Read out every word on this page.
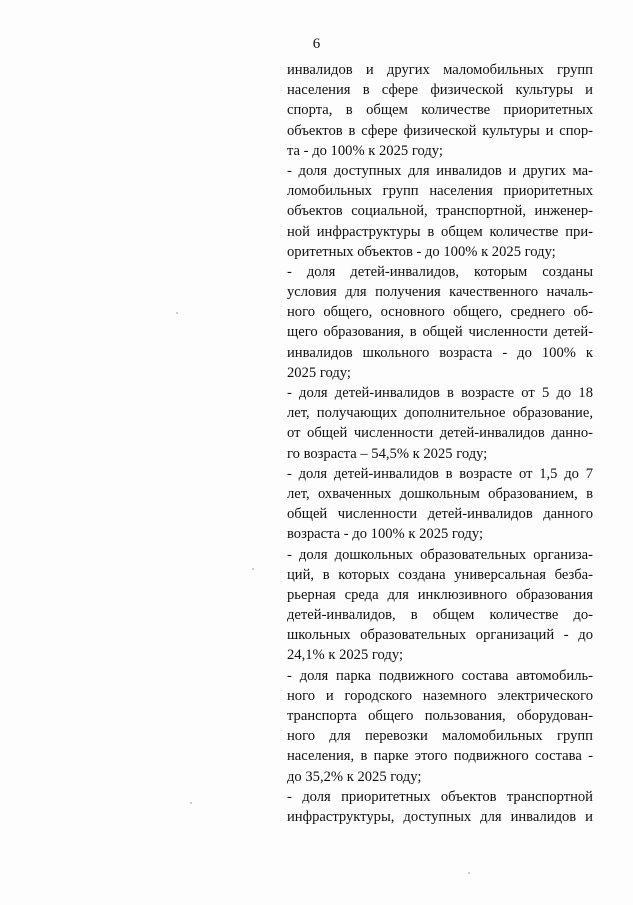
6
инвалидов и других маломобильных групп
населения в сфере физической культуры и
спорта, в общем количестве приоритетных
объектов в сфере физической культуры и спор-
та - до 100% к 2025 году;
- доля доступных для инвалидов и других ма-
ломобильных групп населения приоритетных
объектов социальной, транспортной, инженер-
ной инфраструктуры в общем количестве при-
оритетных объектов - до 100% к 2025 году;
- доля детей-инвалидов, которым созданы
условия для получения качественного началь-
ного общего, основного общего, среднего об-
щего образования, в общей численности детей-
инвалидов школьного возраста - до 100% к
2025 году;
- доля детей-инвалидов в возрасте от 5 до 18
лет, получающих дополнительное образование,
от общей численности детей-инвалидов данно-
го возраста – 54,5% к 2025 году;
- доля детей-инвалидов в возрасте от 1,5 до 7
лет, охваченных дошкольным образованием, в
общей численности детей-инвалидов данного
возраста - до 100% к 2025 году;
- доля дошкольных образовательных организа-
ций, в которых создана универсальная безба-
рьерная среда для инклюзивного образования
детей-инвалидов, в общем количестве до-
школьных образовательных организаций - до
24,1% к 2025 году;
- доля парка подвижного состава автомобиль-
ного и городского наземного электрического
транспорта общего пользования, оборудован-
ного для перевозки маломобильных групп
населения, в парке этого подвижного состава -
до 35,2% к 2025 году;
- доля приоритетных объектов транспортной
инфраструктуры, доступных для инвалидов и
